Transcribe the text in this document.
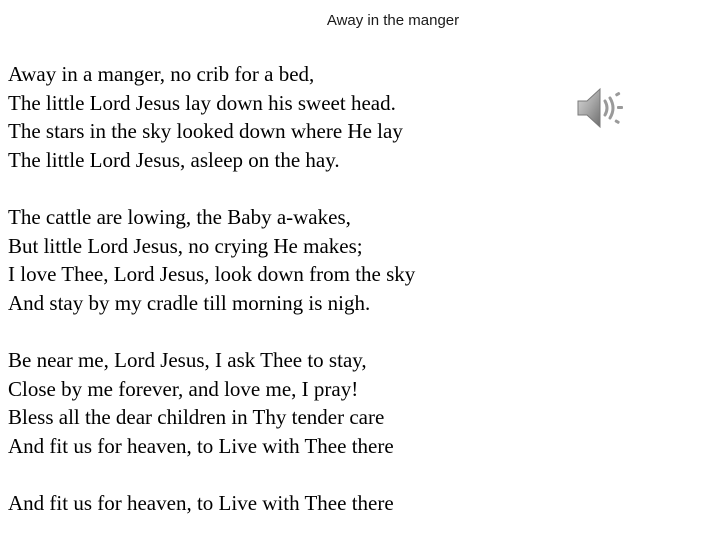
Away in the manger
Away in a manger, no crib for a bed,
The little Lord Jesus lay down his sweet head.
The stars in the sky looked down where He lay
The little Lord Jesus, asleep on the hay.
The cattle are lowing, the Baby a-wakes,
But little Lord Jesus, no crying He makes;
I love Thee, Lord Jesus, look down from the sky
And stay by my cradle till morning is nigh.
Be near me, Lord Jesus, I ask Thee to stay,
Close by me forever, and love me, I pray!
Bless all the dear children in Thy tender care
And fit us for heaven, to Live with Thee there
And fit us for heaven, to Live with Thee there
